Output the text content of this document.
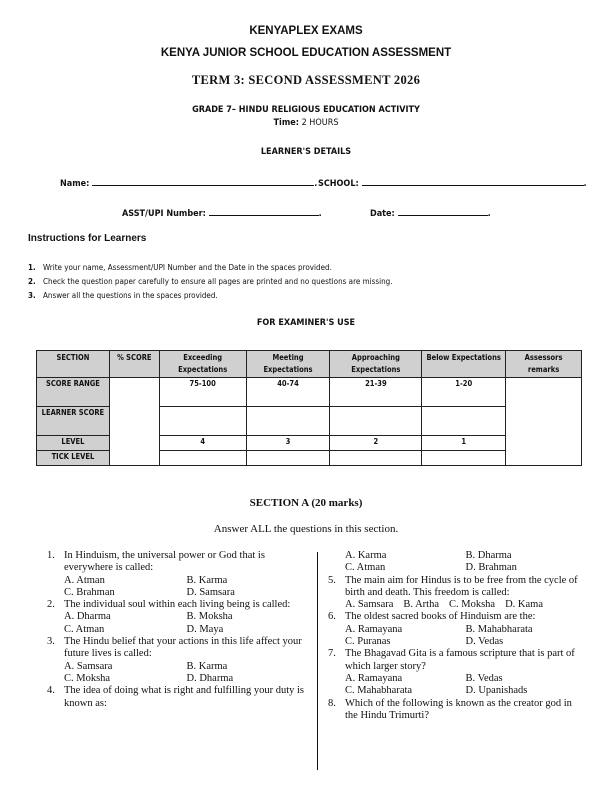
KENYAPLEX EXAMS
KENYA JUNIOR SCHOOL EDUCATION ASSESSMENT
TERM 3: SECOND ASSESSMENT 2026
GRADE 7– HINDU RELIGIOUS EDUCATION ACTIVITY
Time: 2 HOURS
LEARNER'S DETAILS
Name:	. SCHOOL:	.
ASST/UPI Number:	.	Date:	.
Instructions for Learners
1. Write your name, Assessment/UPI Number and the Date in the spaces provided.
2. Check the question paper carefully to ensure all pages are printed and no questions are missing.
3. Answer all the questions in the spaces provided.
FOR EXAMINER'S USE
SECTION	% SCORE	Exceeding Expectations	Meeting Expectations	Approaching Expectations	Below Expectations	Assessors remarks
SCORE RANGE		75-100	40-74	21-39	1-20	
LEARNER SCORE						
LEVEL		4	3	2	1	
TICK LEVEL						
SECTION A (20 marks)
Answer ALL the questions in this section.
1. In Hinduism, the universal power or God that is everywhere is called:
A. Atman	B. Karma
C. Brahman	D. Samsara
2. The individual soul within each living being is called:
A. Dharma	B. Moksha
C. Atman	D. Maya
3. The Hindu belief that your actions in this life affect your future lives is called:
A. Samsara	B. Karma
C. Moksha	D. Dharma
4. The idea of doing what is right and fulfilling your duty is known as:
A. Karma	B. Dharma
C. Atman	D. Brahman
5. The main aim for Hindus is to be free from the cycle of birth and death. This freedom is called:
A. Samsara B. Artha C. Moksha D. Kama
6. The oldest sacred books of Hinduism are the:
A. Ramayana	B. Mahabharata
C. Puranas	D. Vedas
7. The Bhagavad Gita is a famous scripture that is part of which larger story?
A. Ramayana	B. Vedas
C. Mahabharata	D. Upanishads
8. Which of the following is known as the creator god in the Hindu Trimurti?
